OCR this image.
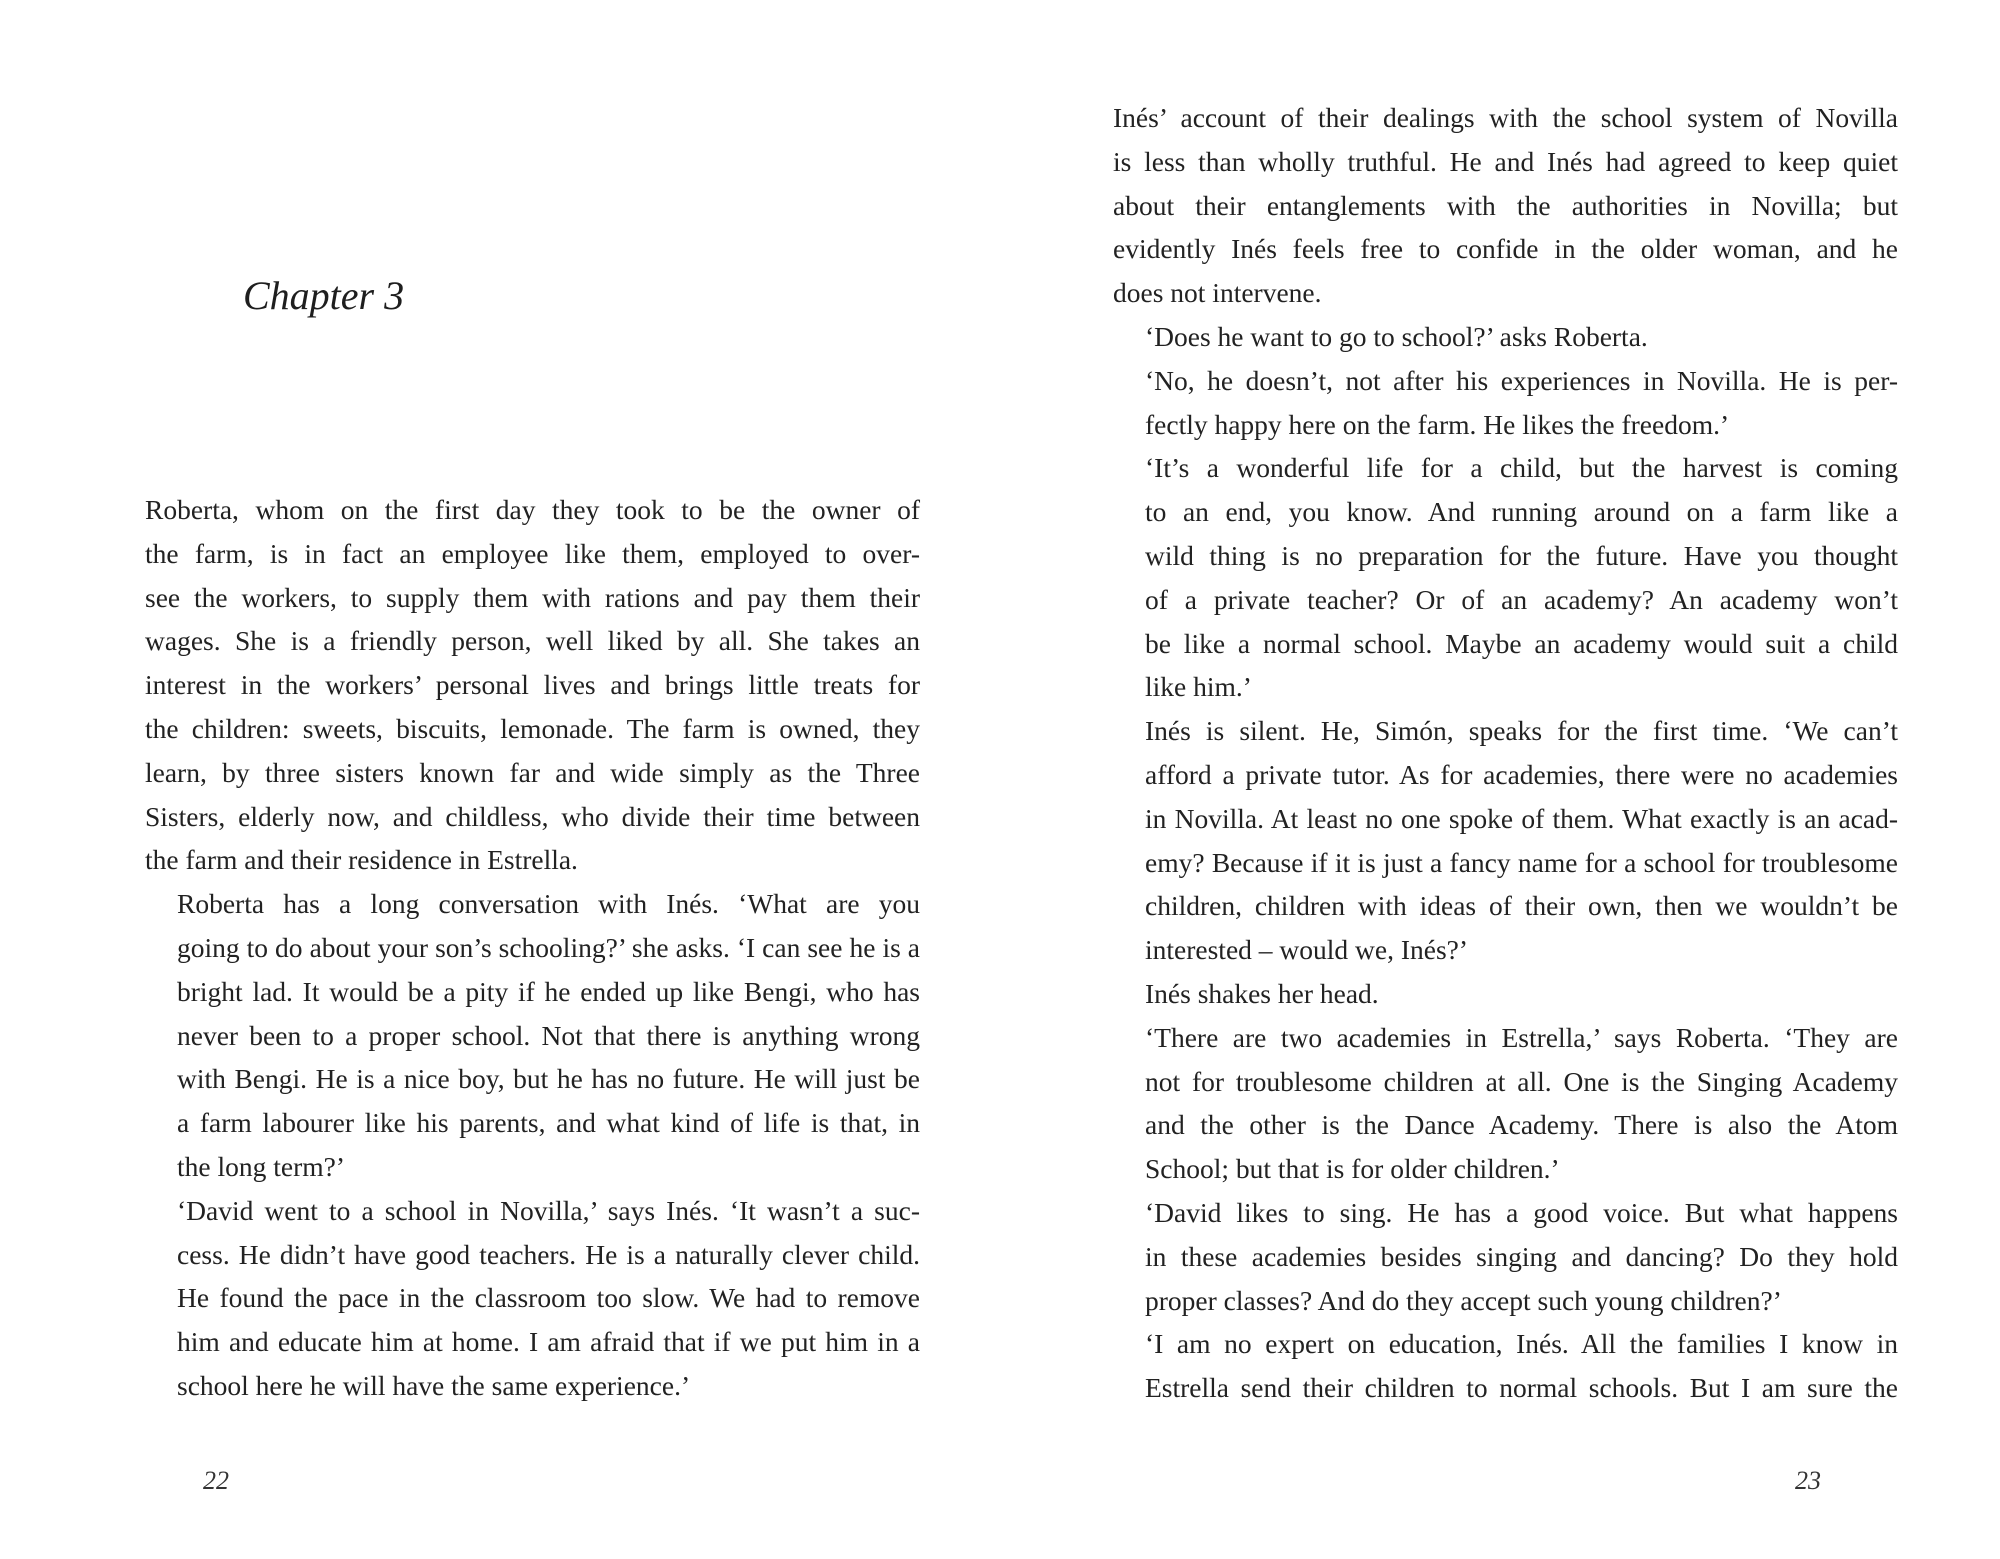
Chapter 3

Roberta, whom on the first day they took to be the owner of
the farm, is in fact an employee like them, employed to over-
see the workers, to supply them with rations and pay them their
wages. She is a friendly person, well liked by all. She takes an
interest in the workers’ personal lives and brings little treats for
the children: sweets, biscuits, lemonade. The farm is owned, they
learn, by three sisters known far and wide simply as the Three
Sisters, elderly now, and childless, who divide their time between
the farm and their residence in Estrella.

Roberta has a long conversation with Inés. ‘What are you
going to do about your son’s schooling?’ she asks. ‘I can see he is a
bright lad. It would be a pity if he ended up like Bengi, who has
never been to a proper school. Not that there is anything wrong
with Bengi. He is a nice boy, but he has no future. He will just be
a farm labourer like his parents, and what kind of life is that, in
the long term?’

‘David went to a school in Novilla,’ says Inés. ‘It wasn’t a suc-
cess. He didn’t have good teachers. He is a naturally clever child.
He found the pace in the classroom too slow. We had to remove
him and educate him at home. I am afraid that if we put him in a
school here he will have the same experience.’

22

Inés’ account of their dealings with the school system of Novilla
is less than wholly truthful. He and Inés had agreed to keep quiet
about their entanglements with the authorities in Novilla; but
evidently Inés feels free to confide in the older woman, and he
does not intervene.

‘Does he want to go to school?’ asks Roberta.

‘No, he doesn’t, not after his experiences in Novilla. He is per-
fectly happy here on the farm. He likes the freedom.’

‘It’s a wonderful life for a child, but the harvest is coming
to an end, you know. And running around on a farm like a
wild thing is no preparation for the future. Have you thought
of a private teacher? Or of an academy? An academy won’t
be like a normal school. Maybe an academy would suit a child
like him.’

Inés is silent. He, Simón, speaks for the first time. ‘We can’t
afford a private tutor. As for academies, there were no academies
in Novilla. At least no one spoke of them. What exactly is an acad-
emy? Because if it is just a fancy name for a school for troublesome
children, children with ideas of their own, then we wouldn’t be
interested – would we, Inés?’

Inés shakes her head.

‘There are two academies in Estrella,’ says Roberta. ‘They are
not for troublesome children at all. One is the Singing Academy
and the other is the Dance Academy. There is also the Atom
School; but that is for older children.’

‘David likes to sing. He has a good voice. But what happens
in these academies besides singing and dancing? Do they hold
proper classes? And do they accept such young children?’

‘I am no expert on education, Inés. All the families I know in
Estrella send their children to normal schools. But I am sure the

23
